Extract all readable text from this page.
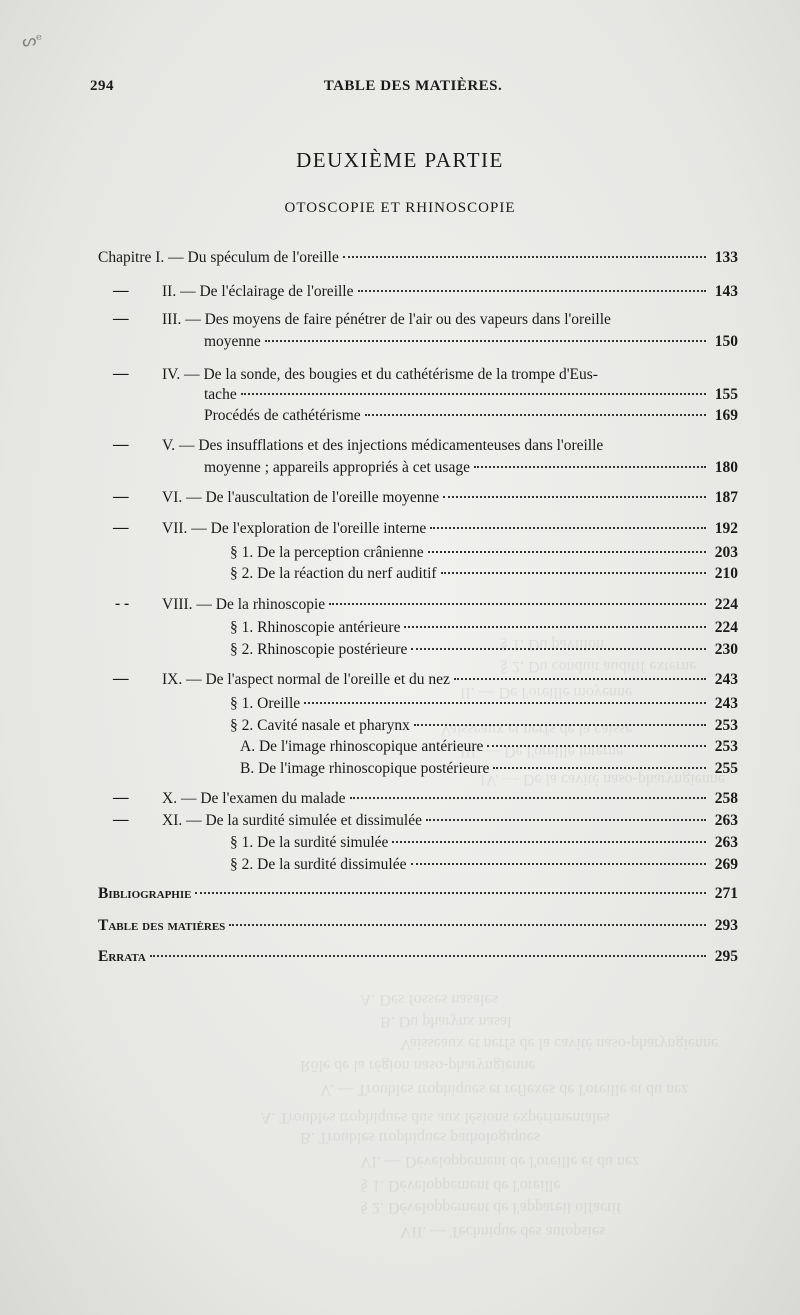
ᔕᵉ
294	TABLE DES MATIÈRES.
DEUXIÈME PARTIE
OTOSCOPIE ET RHINOSCOPIE
§ 1. Du pavillon
§ 2. Du conduit auditif externe
II. — De l'oreille moyenne
Vaisseaux et nerfs de la caisse
III. — De l'oreille interne
IV. — De la cavité naso-pharyngienne
A. Des fosses nasales
B. Du pharynx nasal
Vaisseaux et nerfs de la cavité naso-pharyngienne
Rôle de la région naso-pharyngienne
V. — Troubles trophiques et réflexes de l'oreille et du nez
A. Troubles trophiques dus aux lésions expérimentales
B. Troubles trophiques pathologiques
VI. — Développement de l'oreille et du nez
§ 1. Développement de l'oreille
§ 2. Développement de l'appareil olfactif
VII. — Technique des autopsies
Chapitre I. — Du spéculum de l'oreille	133
— II. — De l'éclairage de l'oreille	143
— III. — Des moyens de faire pénétrer de l'air ou des vapeurs dans l'oreille
moyenne	150
— IV. — De la sonde, des bougies et du cathétérisme de la trompe d'Eus-
tache	155
Procédés de cathétérisme	169
— V. — Des insufflations et des injections médicamenteuses dans l'oreille
moyenne ; appareils appropriés à cet usage	180
— VI. — De l'auscultation de l'oreille moyenne	187
— VII. — De l'exploration de l'oreille interne	192
§ 1. De la perception crânienne	203
§ 2. De la réaction du nerf auditif	210
- - VIII. — De la rhinoscopie	224
§ 1. Rhinoscopie antérieure	224
§ 2. Rhinoscopie postérieure	230
— IX. — De l'aspect normal de l'oreille et du nez	243
§ 1. Oreille	243
§ 2. Cavité nasale et pharynx	253
A. De l'image rhinoscopique antérieure	253
B. De l'image rhinoscopique postérieure	255
— X. — De l'examen du malade	258
— XI. — De la surdité simulée et dissimulée	263
§ 1. De la surdité simulée	263
§ 2. De la surdité dissimulée	269
Bibliographie	271
Table des matières	293
Errata	295
